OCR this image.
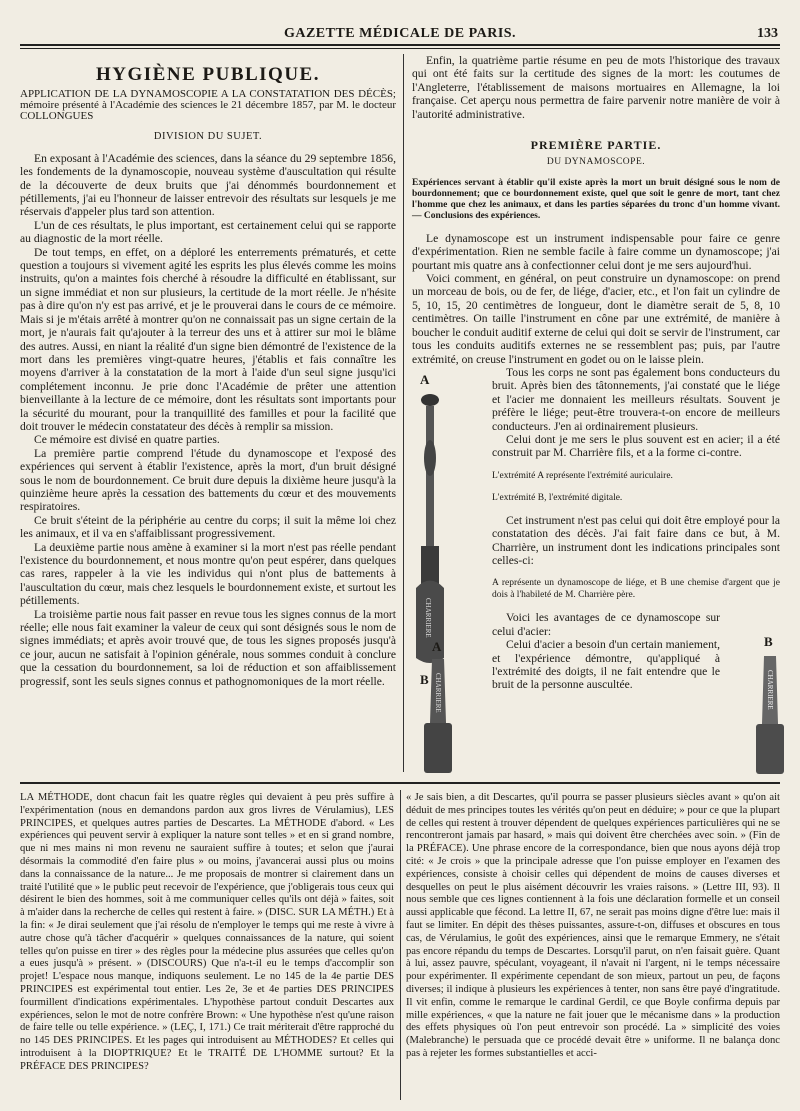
GAZETTE MÉDICALE DE PARIS.	133
HYGIÈNE PUBLIQUE.

APPLICATION DE LA DYNAMOSCOPIE A LA CONSTATATION DES DÉCÈS; mémoire présenté à l'Académie des sciences le 21 décembre 1857, par M. le docteur COLLONGUES

DIVISION DU SUJET.

En exposant à l'Académie des sciences, dans la séance du 29 septembre 1856, les fondements de la dynamoscopie, nouveau système d'auscultation qui résulte de la découverte de deux bruits que j'ai dénommés bourdonnement et pétillements, j'ai eu l'honneur de laisser entrevoir des résultats sur lesquels je me réservais d'appeler plus tard son attention.

L'un de ces résultats, le plus important, est certainement celui qui se rapporte au diagnostic de la mort réelle.

De tout temps, en effet, on a déploré les enterrements prématurés, et cette question a toujours si vivement agité les esprits les plus élevés comme les moins instruits, qu'on a maintes fois cherché à résoudre la difficulté en établissant, sur un signe immédiat et non sur plusieurs, la certitude de la mort réelle. Je n'hésite pas à dire qu'on n'y est pas arrivé, et je le prouverai dans le cours de ce mémoire. Mais si je m'étais arrêté à montrer qu'on ne connaissait pas un signe certain de la mort, je n'aurais fait qu'ajouter à la terreur des uns et à attirer sur moi le blâme des autres. Aussi, en niant la réalité d'un signe bien démontré de l'existence de la mort dans les premières vingt-quatre heures, j'établis et fais connaître les moyens d'arriver à la constatation de la mort à l'aide d'un seul signe jusqu'ici complétement inconnu. Je prie donc l'Académie de prêter une attention bienveillante à la lecture de ce mémoire, dont les résultats sont importants pour la sécurité du mourant, pour la tranquillité des familles et pour la facilité que doit trouver le médecin constatateur des décès à remplir sa mission.

Ce mémoire est divisé en quatre parties.

La première partie comprend l'étude du dynamoscope et l'exposé des expériences qui servent à établir l'existence, après la mort, d'un bruit désigné sous le nom de bourdonnement. Ce bruit dure depuis la dixième heure jusqu'à la quinzième heure après la cessation des battements du cœur et des mouvements respiratoires.

Ce bruit s'éteint de la périphérie au centre du corps; il suit la même loi chez les animaux, et il va en s'affaiblissant progressivement.

La deuxième partie nous amène à examiner si la mort n'est pas réelle pendant l'existence du bourdonnement, et nous montre qu'on peut espérer, dans quelques cas rares, rappeler à la vie les individus qui n'ont plus de battements à l'auscultation du cœur, mais chez lesquels le bourdonnement existe, et surtout les pétillements.

La troisième partie nous fait passer en revue tous les signes connus de la mort réelle; elle nous fait examiner la valeur de ceux qui sont désignés sous le nom de signes immédiats; et après avoir trouvé que, de tous les signes proposés jusqu'à ce jour, aucun ne satisfait à l'opinion générale, nous sommes conduit à conclure que la cessation du bourdonnement, sa loi de réduction et son affaiblissement progressif, sont les seuls signes connus et pathognomoniques de la mort réelle.

Enfin, la quatrième partie résume en peu de mots l'historique des travaux qui ont été faits sur la certitude des signes de la mort: les coutumes de l'Angleterre, l'établissement de maisons mortuaires en Allemagne, la loi française. Cet aperçu nous permettra de faire parvenir notre manière de voir à l'autorité administrative.

PREMIÈRE PARTIE.
DU DYNAMOSCOPE.

Expériences servant à établir qu'il existe après la mort un bruit désigné sous le nom de bourdonnement; que ce bourdonnement existe, quel que soit le genre de mort, tant chez l'homme que chez les animaux, et dans les parties séparées du tronc d'un homme vivant. — Conclusions des expériences.

Le dynamoscope est un instrument indispensable pour faire ce genre d'expérimentation. Rien ne semble facile à faire comme un dynamoscope; j'ai pourtant mis quatre ans à confectionner celui dont je me sers aujourd'hui.

Voici comment, en général, on peut construire un dynamoscope: on prend un morceau de bois, ou de fer, de liége, d'acier, etc., et l'on fait un cylindre de 5, 10, 15, 20 centimètres de longueur, dont le diamètre serait de 5, 8, 10 centimètres. On taille l'instrument en cône par une extrémité, de manière à boucher le conduit auditif externe de celui qui doit se servir de l'instrument, car tous les conduits auditifs externes ne se ressemblent pas; puis, par l'autre extrémité, on creuse l'instrument en godet ou on le laisse plein.

Tous les corps ne sont pas également bons conducteurs du bruit. Après bien des tâtonnements, j'ai constaté que le liége et l'acier me donnaient les meilleurs résultats. Souvent je préfère le liége; peut-être trouvera-t-on encore de meilleurs conducteurs. J'en ai ordinairement plusieurs.

Celui dont je me sers le plus souvent est en acier; il a été construit par M. Charrière fils, et a la forme ci-contre.

L'extrémité A représente l'extrémité auriculaire.

L'extrémité B, l'extrémité digitale.

Cet instrument n'est pas celui qui doit être employé pour la constatation des décès. J'ai fait faire dans ce but, à M. Charrière, un instrument dont les indications principales sont celles-ci:

A représente un dynamoscope de liége, et B une chemise d'argent que je dois à l'habileté de M. Charrière père.

Voici les avantages de ce dynamoscope sur celui d'acier:

Celui d'acier a besoin d'un certain maniement, et l'expérience démontre, qu'appliqué à l'extrémité des doigts, il ne fait entendre que le bruit de la personne auscultée.

A
CHARRIERE
B
A
CHARRIERE
B
CHARRIERE

LA MÉTHODE, dont chacun fait les quatre règles qui devaient à peu près suffire à l'expérimentation (nous en demandons pardon aux gros livres de Vérulamius), LES PRINCIPES, et quelques autres parties de Descartes. La MÉTHODE d'abord. « Les expériences qui peuvent servir à expliquer la nature sont telles » et en si grand nombre, que ni mes mains ni mon revenu ne sauraient suffire à toutes; et selon que j'aurai désormais la commodité d'en faire plus » ou moins, j'avancerai aussi plus ou moins dans la connaissance de la nature... Je me proposais de montrer si clairement dans un traité l'utilité que » le public peut recevoir de l'expérience, que j'obligerais tous ceux qui désirent le bien des hommes, soit à me communiquer celles qu'ils ont déjà » faites, soit à m'aider dans la recherche de celles qui restent à faire. » (DISC. SUR LA MÉTH.) Et à la fin: « Je dirai seulement que j'ai résolu de n'employer le temps qui me reste à vivre à autre chose qu'à tâcher d'acquérir » quelques connaissances de la nature, qui soient telles qu'on puisse en tirer » des règles pour la médecine plus assurées que celles qu'on a eues jusqu'à » présent. » (DISCOURS) Que n'a-t-il eu le temps d'accomplir son projet! L'espace nous manque, indiquons seulement. Le no 145 de la 4e partie DES PRINCIPES est expérimental tout entier. Les 2e, 3e et 4e parties DES PRINCIPES fourmillent d'indications expérimentales. L'hypothèse partout conduit Descartes aux expériences, selon le mot de notre confrère Brown: « Une hypothèse n'est qu'une raison de faire telle ou telle expérience. » (LEÇ, I, 171.) Ce trait mériterait d'être rapproché du no 145 DES PRINCIPES. Et les pages qui introduisent au MÉTHODES? Et celles qui introduisent à la DIOPTRIQUE? Et le TRAITÉ DE L'HOMME surtout? Et la PRÉFACE DES PRINCIPES?

« Je sais bien, a dit Descartes, qu'il pourra se passer plusieurs siècles avant » qu'on ait déduit de mes principes toutes les vérités qu'on peut en déduire; » pour ce que la plupart de celles qui restent à trouver dépendent de quelques expériences particulières qui ne se rencontreront jamais par hasard, » mais qui doivent être cherchées avec soin. » (Fin de la PRÉFACE). Une phrase encore de la correspondance, bien que nous ayons déjà trop cité: « Je crois » que la principale adresse que l'on puisse employer en l'examen des expériences, consiste à choisir celles qui dépendent de moins de causes diverses et desquelles on peut le plus aisément découvrir les vraies raisons. » (Lettre III, 93). Il nous semble que ces lignes contiennent à la fois une déclaration formelle et un conseil aussi applicable que fécond. La lettre II, 67, ne serait pas moins digne d'être lue: mais il faut se limiter. En dépit des thèses puissantes, assure-t-on, diffuses et obscures en tous cas, de Vérulamius, le goût des expériences, ainsi que le remarque Emmery, ne s'était pas encore répandu du temps de Descartes. Lorsqu'il parut, on n'en faisait guère. Quant à lui, assez pauvre, spéculant, voyageant, il n'avait ni l'argent, ni le temps nécessaire pour expérimenter. Il expérimente cependant de son mieux, partout un peu, de façons diverses; il indique à plusieurs les expériences à tenter, non sans être payé d'ingratitude. Il vit enfin, comme le remarque le cardinal Gerdil, ce que Boyle confirma depuis par mille expériences, « que la nature ne fait jouer que le mécanisme dans » la production des effets physiques où l'on peut entrevoir son procédé. La » simplicité des voies (Malebranche) le persuada que ce procédé devait être » uniforme. Il ne balança donc pas à rejeter les formes substantielles et acci-
